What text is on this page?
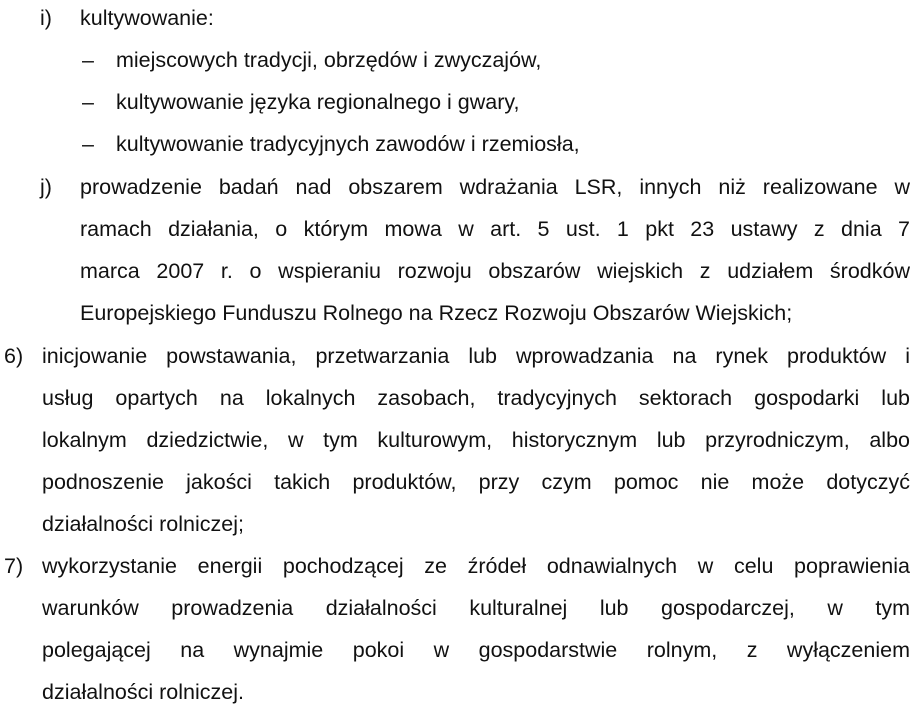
i) kultywowanie:
– miejscowych tradycji, obrzędów i zwyczajów,
– kultywowanie języka regionalnego i gwary,
– kultywowanie tradycyjnych zawodów i rzemiosła,
j) prowadzenie badań nad obszarem wdrażania LSR, innych niż realizowane w
ramach działania, o którym mowa w art. 5 ust. 1 pkt 23 ustawy z dnia 7
marca 2007 r. o wspieraniu rozwoju obszarów wiejskich z udziałem środków
Europejskiego Funduszu Rolnego na Rzecz Rozwoju Obszarów Wiejskich;
6) inicjowanie powstawania, przetwarzania lub wprowadzania na rynek produktów i
usług opartych na lokalnych zasobach, tradycyjnych sektorach gospodarki lub
lokalnym dziedzictwie, w tym kulturowym, historycznym lub przyrodniczym, albo
podnoszenie jakości takich produktów, przy czym pomoc nie może dotyczyć
działalności rolniczej;
7) wykorzystanie energii pochodzącej ze źródeł odnawialnych w celu poprawienia
warunków prowadzenia działalności kulturalnej lub gospodarczej, w tym
polegającej na wynajmie pokoi w gospodarstwie rolnym, z wyłączeniem
działalności rolniczej.
